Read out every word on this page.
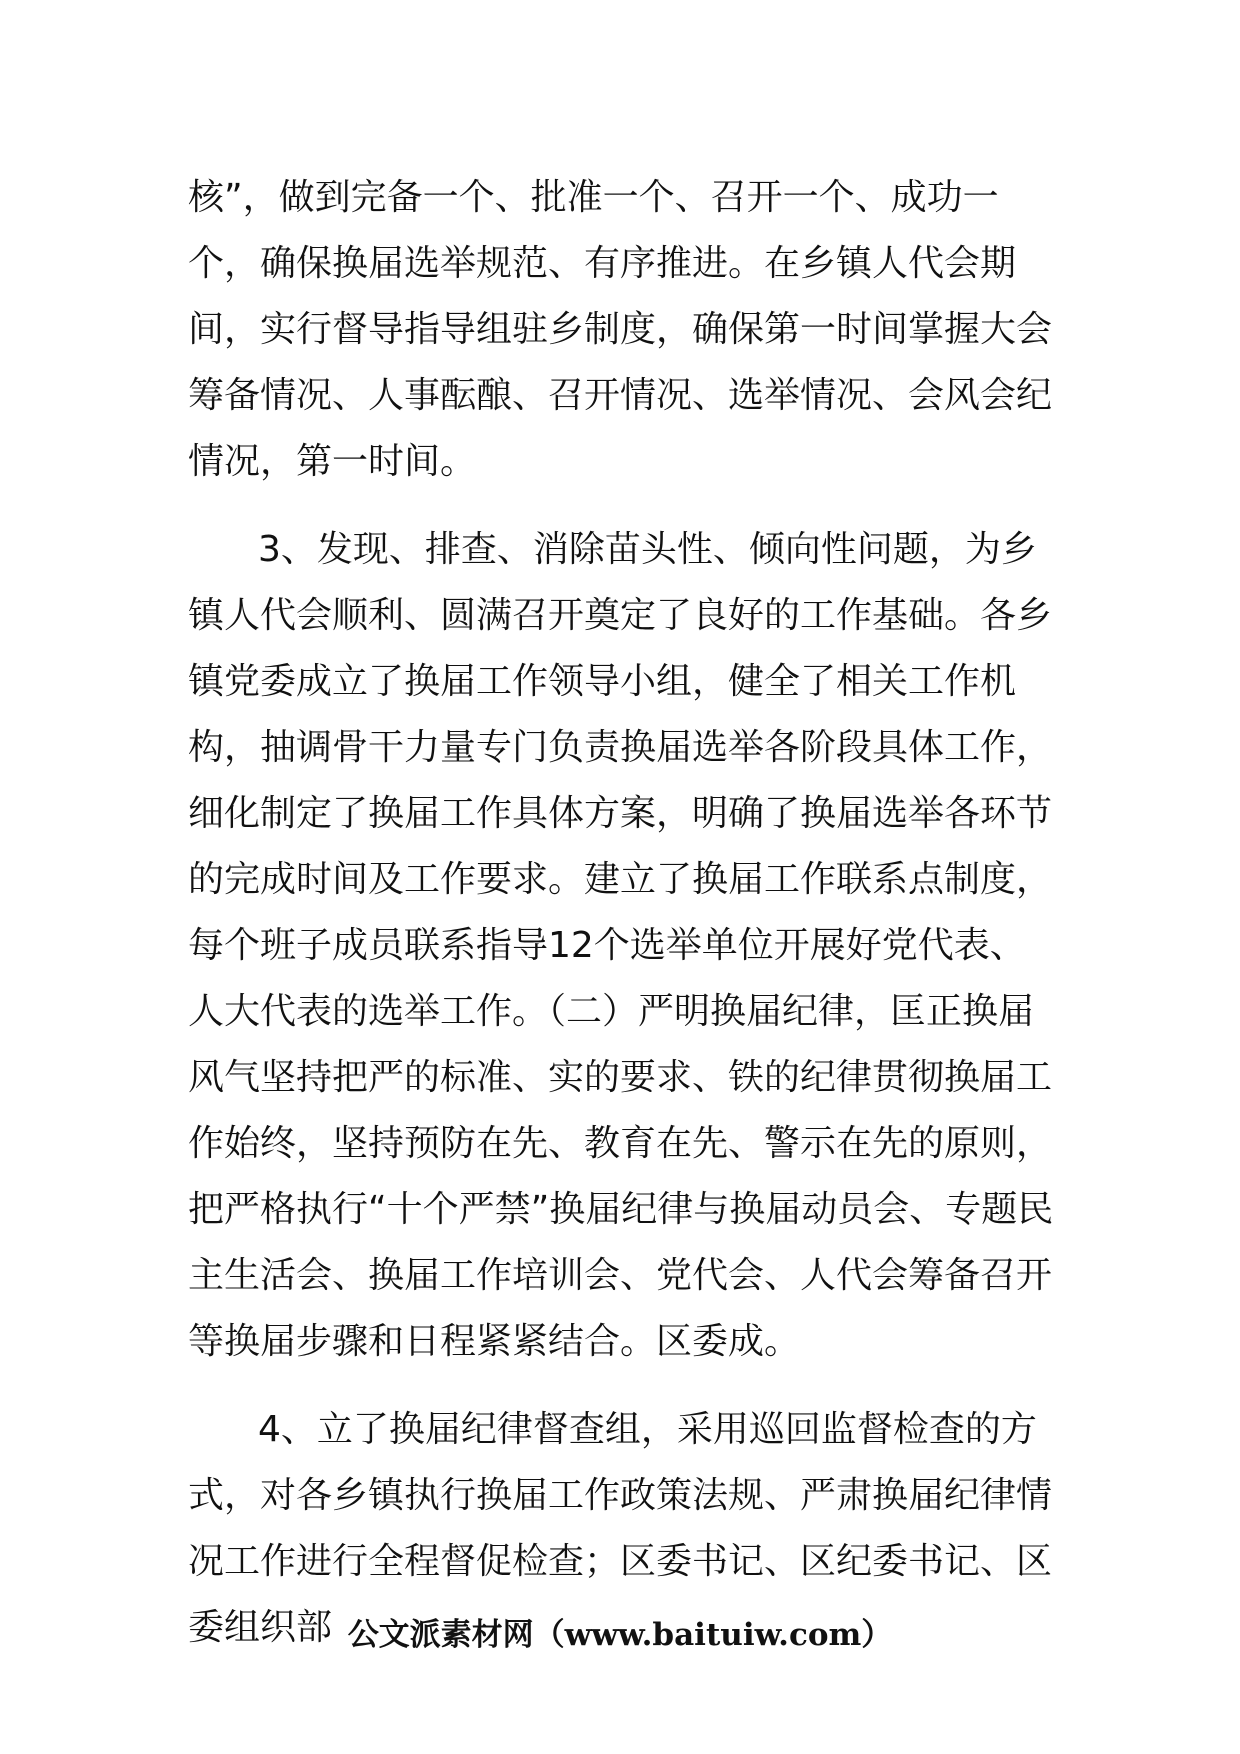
核”，做到完备一个、批准一个、召开一个、成功一个，确保换届选举规范、有序推进。在乡镇人代会期间，实行督导指导组驻乡制度，确保第一时间掌握大会筹备情况、人事酝酿、召开情况、选举情况、会风会纪情况，第一时间。

3、发现、排查、消除苗头性、倾向性问题，为乡镇人代会顺利、圆满召开奠定了良好的工作基础。各乡镇党委成立了换届工作领导小组，健全了相关工作机构，抽调骨干力量专门负责换届选举各阶段具体工作，细化制定了换届工作具体方案，明确了换届选举各环节的完成时间及工作要求。建立了换届工作联系点制度，每个班子成员联系指导12个选举单位开展好党代表、人大代表的选举工作。（二）严明换届纪律，匡正换届风气坚持把严的标准、实的要求、铁的纪律贯彻换届工作始终，坚持预防在先、教育在先、警示在先的原则，把严格执行“十个严禁”换届纪律与换届动员会、专题民主生活会、换届工作培训会、党代会、人代会筹备召开等换届步骤和日程紧紧结合。区委成。

4、立了换届纪律督查组，采用巡回监督检查的方式，对各乡镇执行换届工作政策法规、严肃换届纪律情况工作进行全程督促检查；区委书记、区纪委书记、区委组织部 公文派素材网（www.baituiw.com）
